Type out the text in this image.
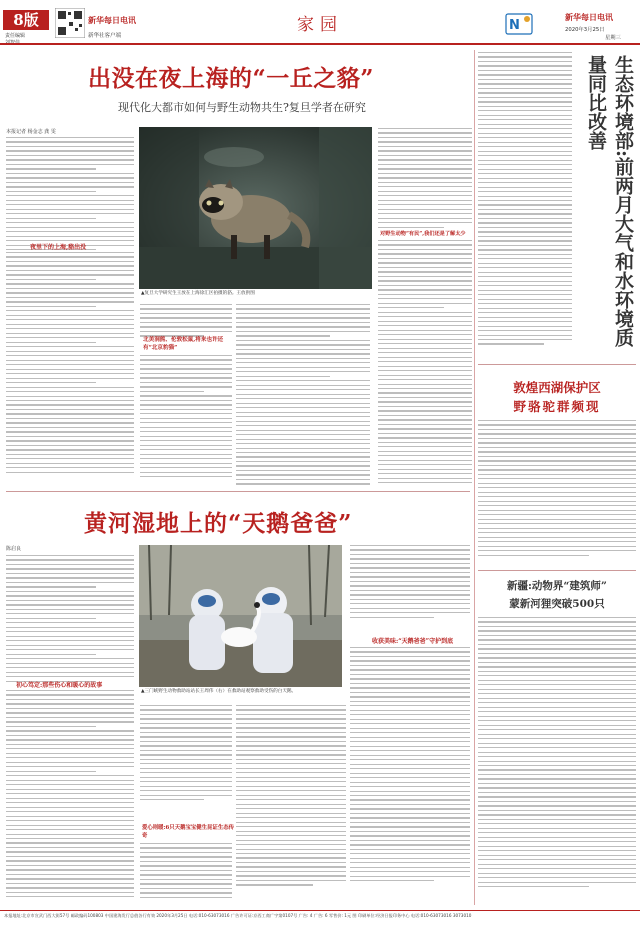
8版
责任编辑	新华社客户端
新华每日电讯	家园	N
新华每日电讯
2020年3月25日
星期三
出没在夜上海的“一丘之貉”
现代化大都市如何与野生动物共生?复旦学者在研究
本报记者 杨金志 龚 雯
▲复旦大学研究生王放在上海徐汇区拍摄的貉。王放供图
夜里下的上海,貉出没
北美洞熊、伦敦松鼠,将来也许还有“北京豹猫”
对野生动物“有民”,我们还是了解太少	生态环境部:前两月大气和水环境质量同比改善
敦煌西湖保护区
野骆驼群频现
新疆:动物界“建筑师”
蒙新河狸突破500只
黄河湿地上的“天鹅爸爸”
陈启良
初心笃定:那些伤心和暖心的故事
▲三门峡野生动物救助站站长王周伟（右）在救助站观察救助受伤的白天鹅。
爱心则暖:6只天鹅宝宝健生昆证生态传奇
收获美味:“天鹅爸爸”守护到底
本报地址:北京市宣武门西大街57号 邮政编码100803 中国建海发行总值各行有效 2020年3月25日 电话:010-63073016 广告许可证:京西工商广字第0107号 广告: 4 广告: 6 零售价: 1元 图 印刷单位:经济日报印务中心 电话:010-63073016 3073010
